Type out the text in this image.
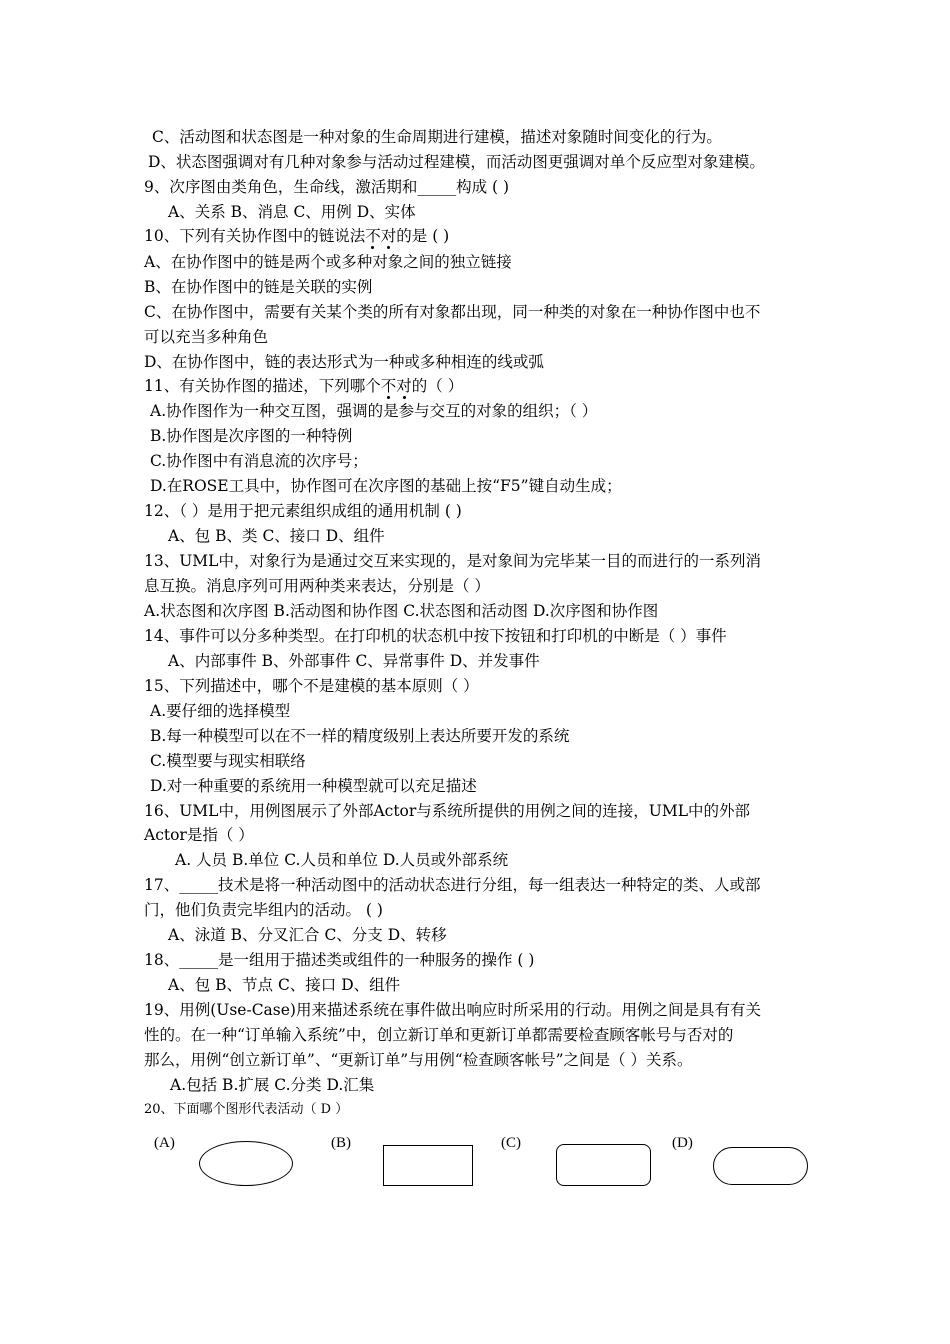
C、活动图和状态图是一种对象的生命周期进行建模，描述对象随时间变化的行为。
D、状态图强调对有几种对象参与活动过程建模，而活动图更强调对单个反应型对象建模。
9、次序图由类角色，生命线，激活期和_____构成 ( )
A、关系 B、消息 C、用例 D、实体
10、下列有关协作图中的链说法不对的是 ( )
A、在协作图中的链是两个或多种对象之间的独立链接
B、在协作图中的链是关联的实例
C、在协作图中，需要有关某个类的所有对象都出现，同一种类的对象在一种协作图中也不
可以充当多种角色
D、在协作图中，链的表达形式为一种或多种相连的线或弧
11、有关协作图的描述，下列哪个不对的（ ）
A.协作图作为一种交互图，强调的是参与交互的对象的组织；（ ）
B.协作图是次序图的一种特例
C.协作图中有消息流的次序号；
D.在ROSE工具中，协作图可在次序图的基础上按“F5”键自动生成；
12、（ ）是用于把元素组织成组的通用机制 ( )
A、包 B、类 C、接口 D、组件
13、UML中，对象行为是通过交互来实现的，是对象间为完毕某一目的而进行的一系列消
息互换。消息序列可用两种类来表达，分别是（ ）
A.状态图和次序图 B.活动图和协作图 C.状态图和活动图 D.次序图和协作图
14、事件可以分多种类型。在打印机的状态机中按下按钮和打印机的中断是（ ）事件
A、内部事件 B、外部事件 C、异常事件 D、并发事件
15、下列描述中，哪个不是建模的基本原则（ ）
A.要仔细的选择模型
B.每一种模型可以在不一样的精度级别上表达所要开发的系统
C.模型要与现实相联络
D.对一种重要的系统用一种模型就可以充足描述
16、UML中，用例图展示了外部Actor与系统所提供的用例之间的连接，UML中的外部
Actor是指（ ）
A. 人员 B.单位 C.人员和单位 D.人员或外部系统
17、_____技术是将一种活动图中的活动状态进行分组，每一组表达一种特定的类、人或部
门，他们负责完毕组内的活动。 ( )
A、泳道 B、分叉汇合 C、分支 D、转移
18、_____是一组用于描述类或组件的一种服务的操作 ( )
A、包 B、节点 C、接口 D、组件
19、用例(Use-Case)用来描述系统在事件做出响应时所采用的行动。用例之间是具有有关
性的。在一种“订单输入系统”中，创立新订单和更新订单都需要检查顾客帐号与否对的
那么，用例“创立新订单”、“更新订单”与用例“检查顾客帐号”之间是（ ）关系。
A.包括 B.扩展 C.分类 D.汇集
20、下面哪个图形代表活动（ D ）
(A)	(B)	(C)	(D)
